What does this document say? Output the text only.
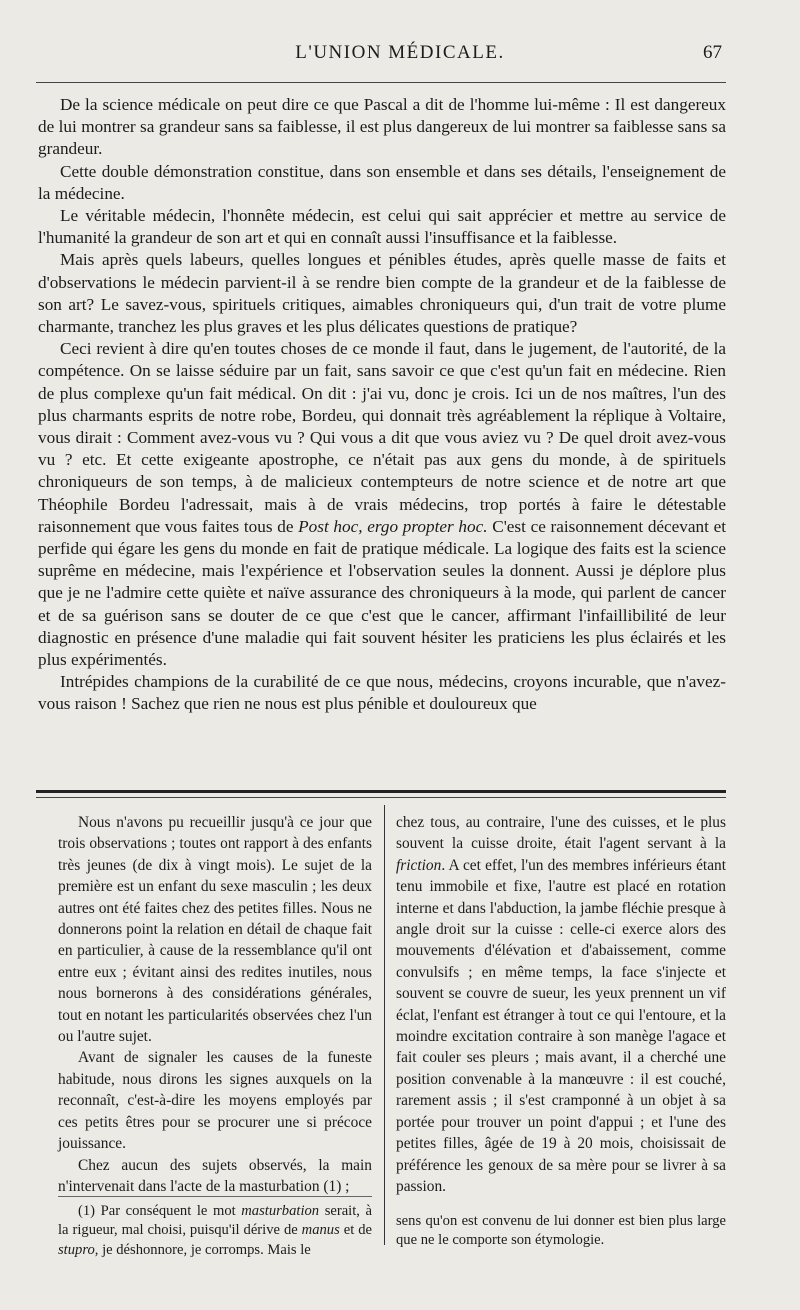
L'UNION MÉDICALE.	67

De la science médicale on peut dire ce que Pascal a dit de l'homme lui-même : Il est dangereux de lui montrer sa grandeur sans sa faiblesse, il est plus dangereux de lui montrer sa faiblesse sans sa grandeur.

Cette double démonstration constitue, dans son ensemble et dans ses détails, l'enseignement de la médecine.

Le véritable médecin, l'honnête médecin, est celui qui sait apprécier et mettre au service de l'humanité la grandeur de son art et qui en connaît aussi l'insuffisance et la faiblesse.

Mais après quels labeurs, quelles longues et pénibles études, après quelle masse de faits et d'observations le médecin parvient-il à se rendre bien compte de la grandeur et de la faiblesse de son art? Le savez-vous, spirituels critiques, aimables chroniqueurs qui, d'un trait de votre plume charmante, tranchez les plus graves et les plus délicates questions de pratique?

Ceci revient à dire qu'en toutes choses de ce monde il faut, dans le jugement, de l'autorité, de la compétence. On se laisse séduire par un fait, sans savoir ce que c'est qu'un fait en médecine. Rien de plus complexe qu'un fait médical. On dit : j'ai vu, donc je crois. Ici un de nos maîtres, l'un des plus charmants esprits de notre robe, Bordeu, qui donnait très agréablement la réplique à Voltaire, vous dirait : Comment avez-vous vu ? Qui vous a dit que vous aviez vu ? De quel droit avez-vous vu ? etc. Et cette exigeante apostrophe, ce n'était pas aux gens du monde, à de spirituels chroniqueurs de son temps, à de malicieux contempteurs de notre science et de notre art que Théophile Bordeu l'adressait, mais à de vrais médecins, trop portés à faire le détestable raisonnement que vous faites tous de Post hoc, ergo propter hoc. C'est ce raisonnement décevant et perfide qui égare les gens du monde en fait de pratique médicale. La logique des faits est la science suprême en médecine, mais l'expérience et l'observation seules la donnent. Aussi je déplore plus que je ne l'admire cette quiète et naïve assurance des chroniqueurs à la mode, qui parlent de cancer et de sa guérison sans se douter de ce que c'est que le cancer, affirmant l'infaillibilité de leur diagnostic en présence d'une maladie qui fait souvent hésiter les praticiens les plus éclairés et les plus expérimentés.

Intrépides champions de la curabilité de ce que nous, médecins, croyons incurable, que n'avez-vous raison ! Sachez que rien ne nous est plus pénible et douloureux que

Nous n'avons pu recueillir jusqu'à ce jour que trois observations ; toutes ont rapport à des enfants très jeunes (de dix à vingt mois). Le sujet de la première est un enfant du sexe masculin ; les deux autres ont été faites chez des petites filles. Nous ne donnerons point la relation en détail de chaque fait en particulier, à cause de la ressemblance qu'il ont entre eux ; évitant ainsi des redites inutiles, nous nous bornerons à des considérations générales, tout en notant les particularités observées chez l'un ou l'autre sujet.

Avant de signaler les causes de la funeste habitude, nous dirons les signes auxquels on la reconnaît, c'est-à-dire les moyens employés par ces petits êtres pour se procurer une si précoce jouissance.

Chez aucun des sujets observés, la main n'intervenait dans l'acte de la masturbation (1) ;

chez tous, au contraire, l'une des cuisses, et le plus souvent la cuisse droite, était l'agent servant à la friction. A cet effet, l'un des membres inférieurs étant tenu immobile et fixe, l'autre est placé en rotation interne et dans l'abduction, la jambe fléchie presque à angle droit sur la cuisse : celle-ci exerce alors des mouvements d'élévation et d'abaissement, comme convulsifs ; en même temps, la face s'injecte et souvent se couvre de sueur, les yeux prennent un vif éclat, l'enfant est étranger à tout ce qui l'entoure, et la moindre excitation contraire à son manège l'agace et fait couler ses pleurs ; mais avant, il a cherché une position convenable à la manœuvre : il est couché, rarement assis ; il s'est cramponné à un objet à sa portée pour trouver un point d'appui ; et l'une des petites filles, âgée de 19 à 20 mois, choisissait de préférence les genoux de sa mère pour se livrer à sa passion.

(1) Par conséquent le mot masturbation serait, à la rigueur, mal choisi, puisqu'il dérive de manus et de stupro, je déshonnore, je corromps. Mais le

sens qu'on est convenu de lui donner est bien plus large que ne le comporte son étymologie.
